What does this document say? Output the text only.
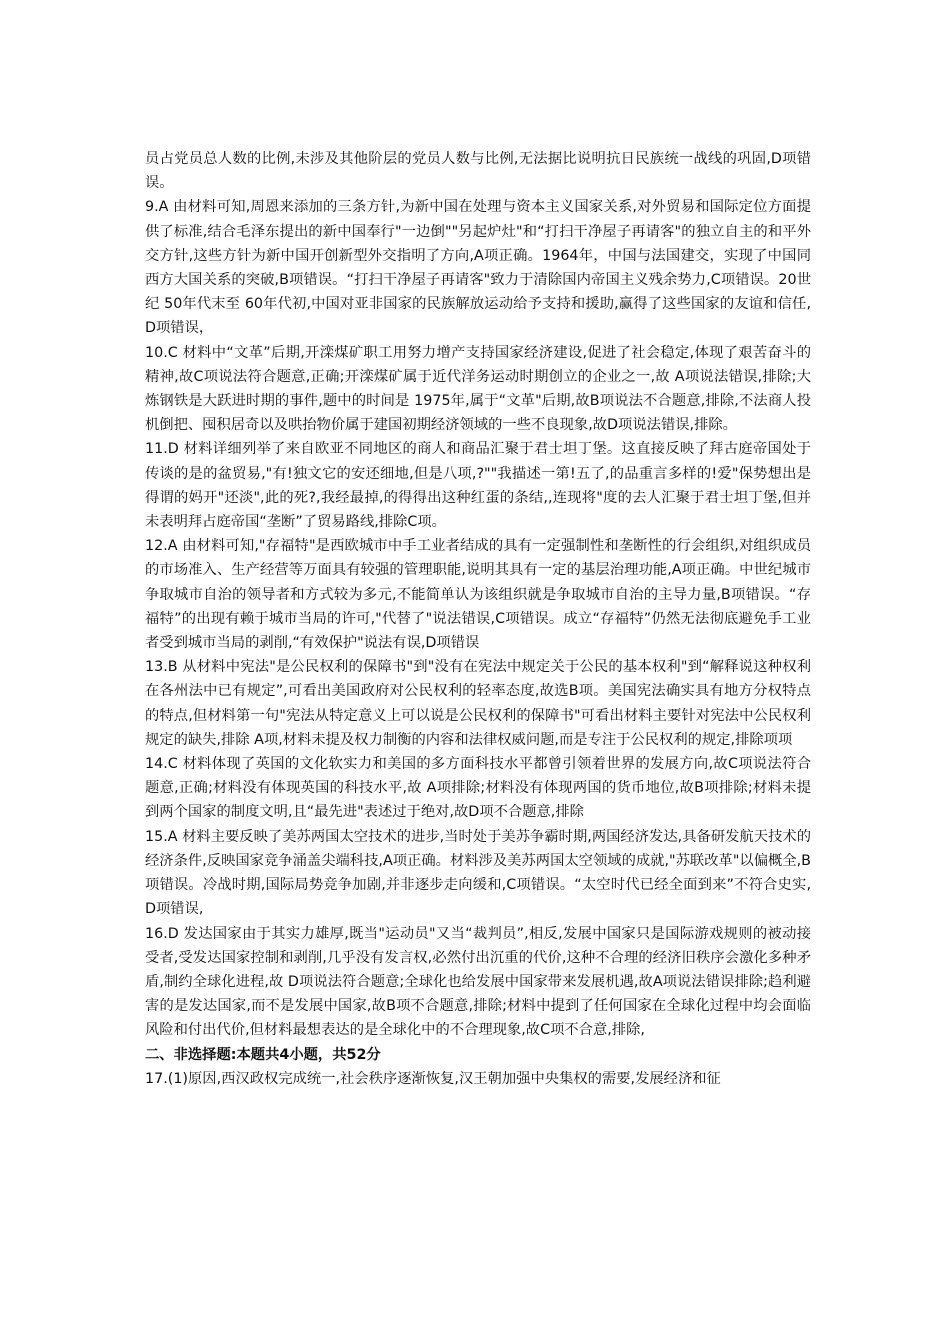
员占党员总人数的比例,未涉及其他阶层的党员人数与比例,无法据比说明抗日民族统一战线的巩固,D项错误。

9.A 由材料可知,周恩来添加的三条方针,为新中国在处理与资本主义国家关系,对外贸易和国际定位方面提供了标准,结合毛泽东提出的新中国奉行"一边倒""另起炉灶"和“打扫干净屋子再请客"的独立自主的和平外交方针,这些方针为新中国开创新型外交指明了方向,A项正确。1964年，中国与法国建交，实现了中国同西方大国关系的突破,B项错误。“打扫干净屋子再请客"致力于清除国内帝国主义残余势力,C项错误。20世纪 50年代末至 60年代初,中国对亚非国家的民族解放运动给予支持和援助,赢得了这些国家的友谊和信任,D项错误，

10.C 材料中“文革”后期,开滦煤矿职工用努力增产支持国家经济建设,促进了社会稳定,体现了艰苦奋斗的精神,故C项说法符合题意,正确;开滦煤矿属于近代洋务运动时期创立的企业之一,故 A项说法错误,排除;大炼钢铁是大跃进时期的事件,题中的时间是 1975年,属于“文革"后期,故B项说法不合题意,排除,不法商人投机倒把、囤积居奇以及哄抬物价属于建国初期经济领域的一些不良现象,故D项说法错误,排除。

11.D 材料详细列举了来自欧亚不同地区的商人和商品汇聚于君士坦丁堡。这直接反映了拜古庭帝国处于传谈的是的盆贸易,"有!独文它的安还细地,但是八项,?""我描述一第!五了,的品重言多样的!爱"保势想出是得谓的妈开"还淡",此的死?,我经最掉,的得得出这种红蛋的条结,,连现将"度的去人汇聚于君士坦丁堡,但并未表明拜占庭帝国“垄断”了贸易路线,排除C项。

12.A 由材料可知,"存福特"是西欧城市中手工业者结成的具有一定强制性和垄断性的行会组织,对组织成员的市场准入、生产经营等万面具有较强的管理职能,说明其具有一定的基层治理功能,A项正确。中世纪城市争取城市自治的领导者和方式较为多元,不能简单认为该组织就是争取城市自治的主导力量,B项错误。“存福特”的出现有赖于城市当局的许可,"代替了"说法错误,C项错误。成立“存福特”仍然无法彻底避免手工业者受到城市当局的剥削,“有效保护"说法有误,D项错误

13.B 从材料中宪法"是公民权利的保障书"到"没有在宪法中规定关于公民的基本权利"到“解释说这种权利在各州法中已有规定”,可看出美国政府对公民权利的轻率态度,故选B项。美国宪法确实具有地方分权特点的特点,但材料第一句"宪法从特定意义上可以说是公民权利的保障书"可看出材料主要针对宪法中公民权利规定的缺失,排除 A项,材料未提及权力制衡的内容和法律权威问题,而是专注于公民权利的规定,排除项项

14.C 材料体现了英国的文化软实力和美国的多方面科技水平都曾引领着世界的发展方向,故C项说法符合题意,正确;材料没有体现英国的科技水平,故 A项排除;材料没有体现两国的货币地位,故B项排除;材料未提到两个国家的制度文明,且“最先进"表述过于绝对,故D项不合题意,排除

15.A 材料主要反映了美苏两国太空技术的进步,当时处于美苏争霸时期,两国经济发达,具备研发航天技术的经济条件,反映国家竞争涌盖尖端科技,A项正确。材料涉及美苏两国太空领域的成就,"苏联改革"以偏概全,B项错误。冷战时期,国际局势竞争加剧,并非逐步走向缓和,C项错误。“太空时代已经全面到来”不符合史实,D项错误,

16.D 发达国家由于其实力雄厚,既当"运动员"又当“裁判员”,相反,发展中国家只是国际游戏规则的被动接受者,受发达国家控制和剥削,几乎没有发言权,必然付出沉重的代价,这种不合理的经济旧秩序会激化多种矛盾,制约全球化进程,故 D项说法符合题意;全球化也给发展中国家带来发展机遇,故A项说法错误排除;趋利避害的是发达国家,而不是发展中国家,故B项不合题意,排除;材料中提到了任何国家在全球化过程中均会面临风险和付出代价,但材料最想表达的是全球化中的不合理现象,故C项不合意,排除,

二、非选择题:本题共4小题，共52分

17.(1)原因,西汉政权完成统一,社会秩序逐渐恢复,汉王朝加强中央集权的需要,发展经济和征
